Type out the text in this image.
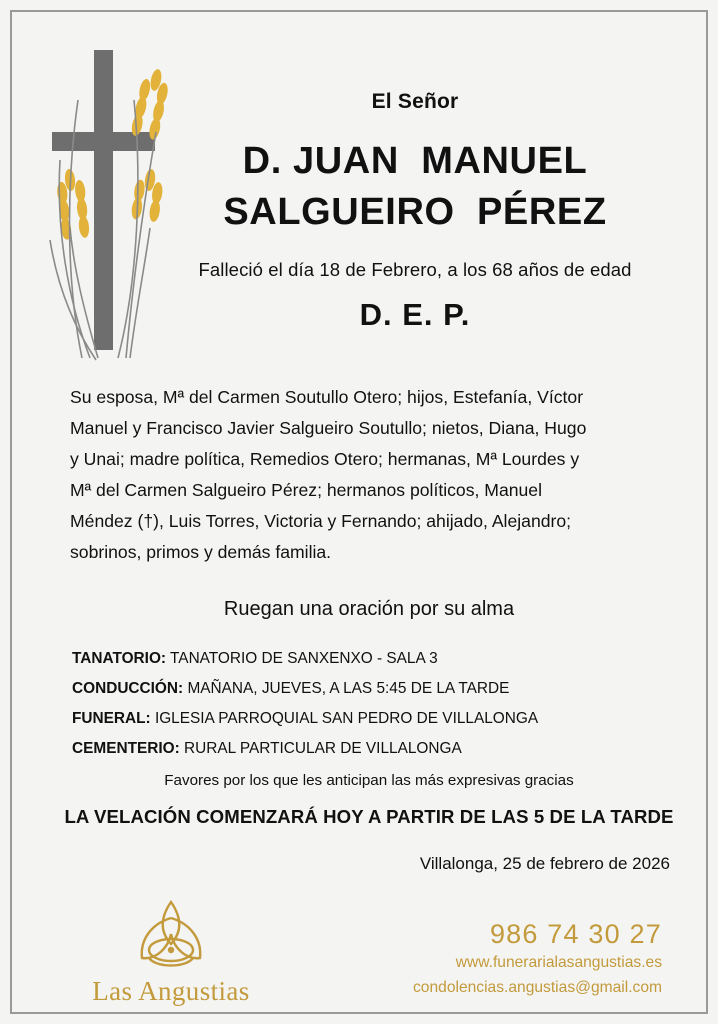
El Señor
D. JUAN  MANUEL
SALGUEIRO  PÉREZ
Falleció el día 18 de Febrero, a los 68 años de edad
D. E. P.
Su esposa, Mª del Carmen Soutullo Otero; hijos, Estefanía, Víctor
Manuel y Francisco Javier Salgueiro Soutullo; nietos, Diana, Hugo
y Unai; madre política, Remedios Otero; hermanas, Mª Lourdes y
Mª del Carmen Salgueiro Pérez; hermanos políticos, Manuel
Méndez (†), Luis Torres, Victoria y Fernando; ahijado, Alejandro;
sobrinos, primos y demás familia.
Ruegan una oración por su alma
TANATORIO: TANATORIO DE SANXENXO - SALA 3
CONDUCCIÓN: MAÑANA, JUEVES, A LAS 5:45 DE LA TARDE
FUNERAL: IGLESIA PARROQUIAL SAN PEDRO DE VILLALONGA
CEMENTERIO: RURAL PARTICULAR DE VILLALONGA
Favores por los que les anticipan las más expresivas gracias
LA VELACIÓN COMENZARÁ HOY A PARTIR DE LAS 5 DE LA TARDE
Villalonga, 25 de febrero de 2026
Las Angustias
986 74 30 27
www.funerarialasangustias.es
condolencias.angustias@gmail.com
